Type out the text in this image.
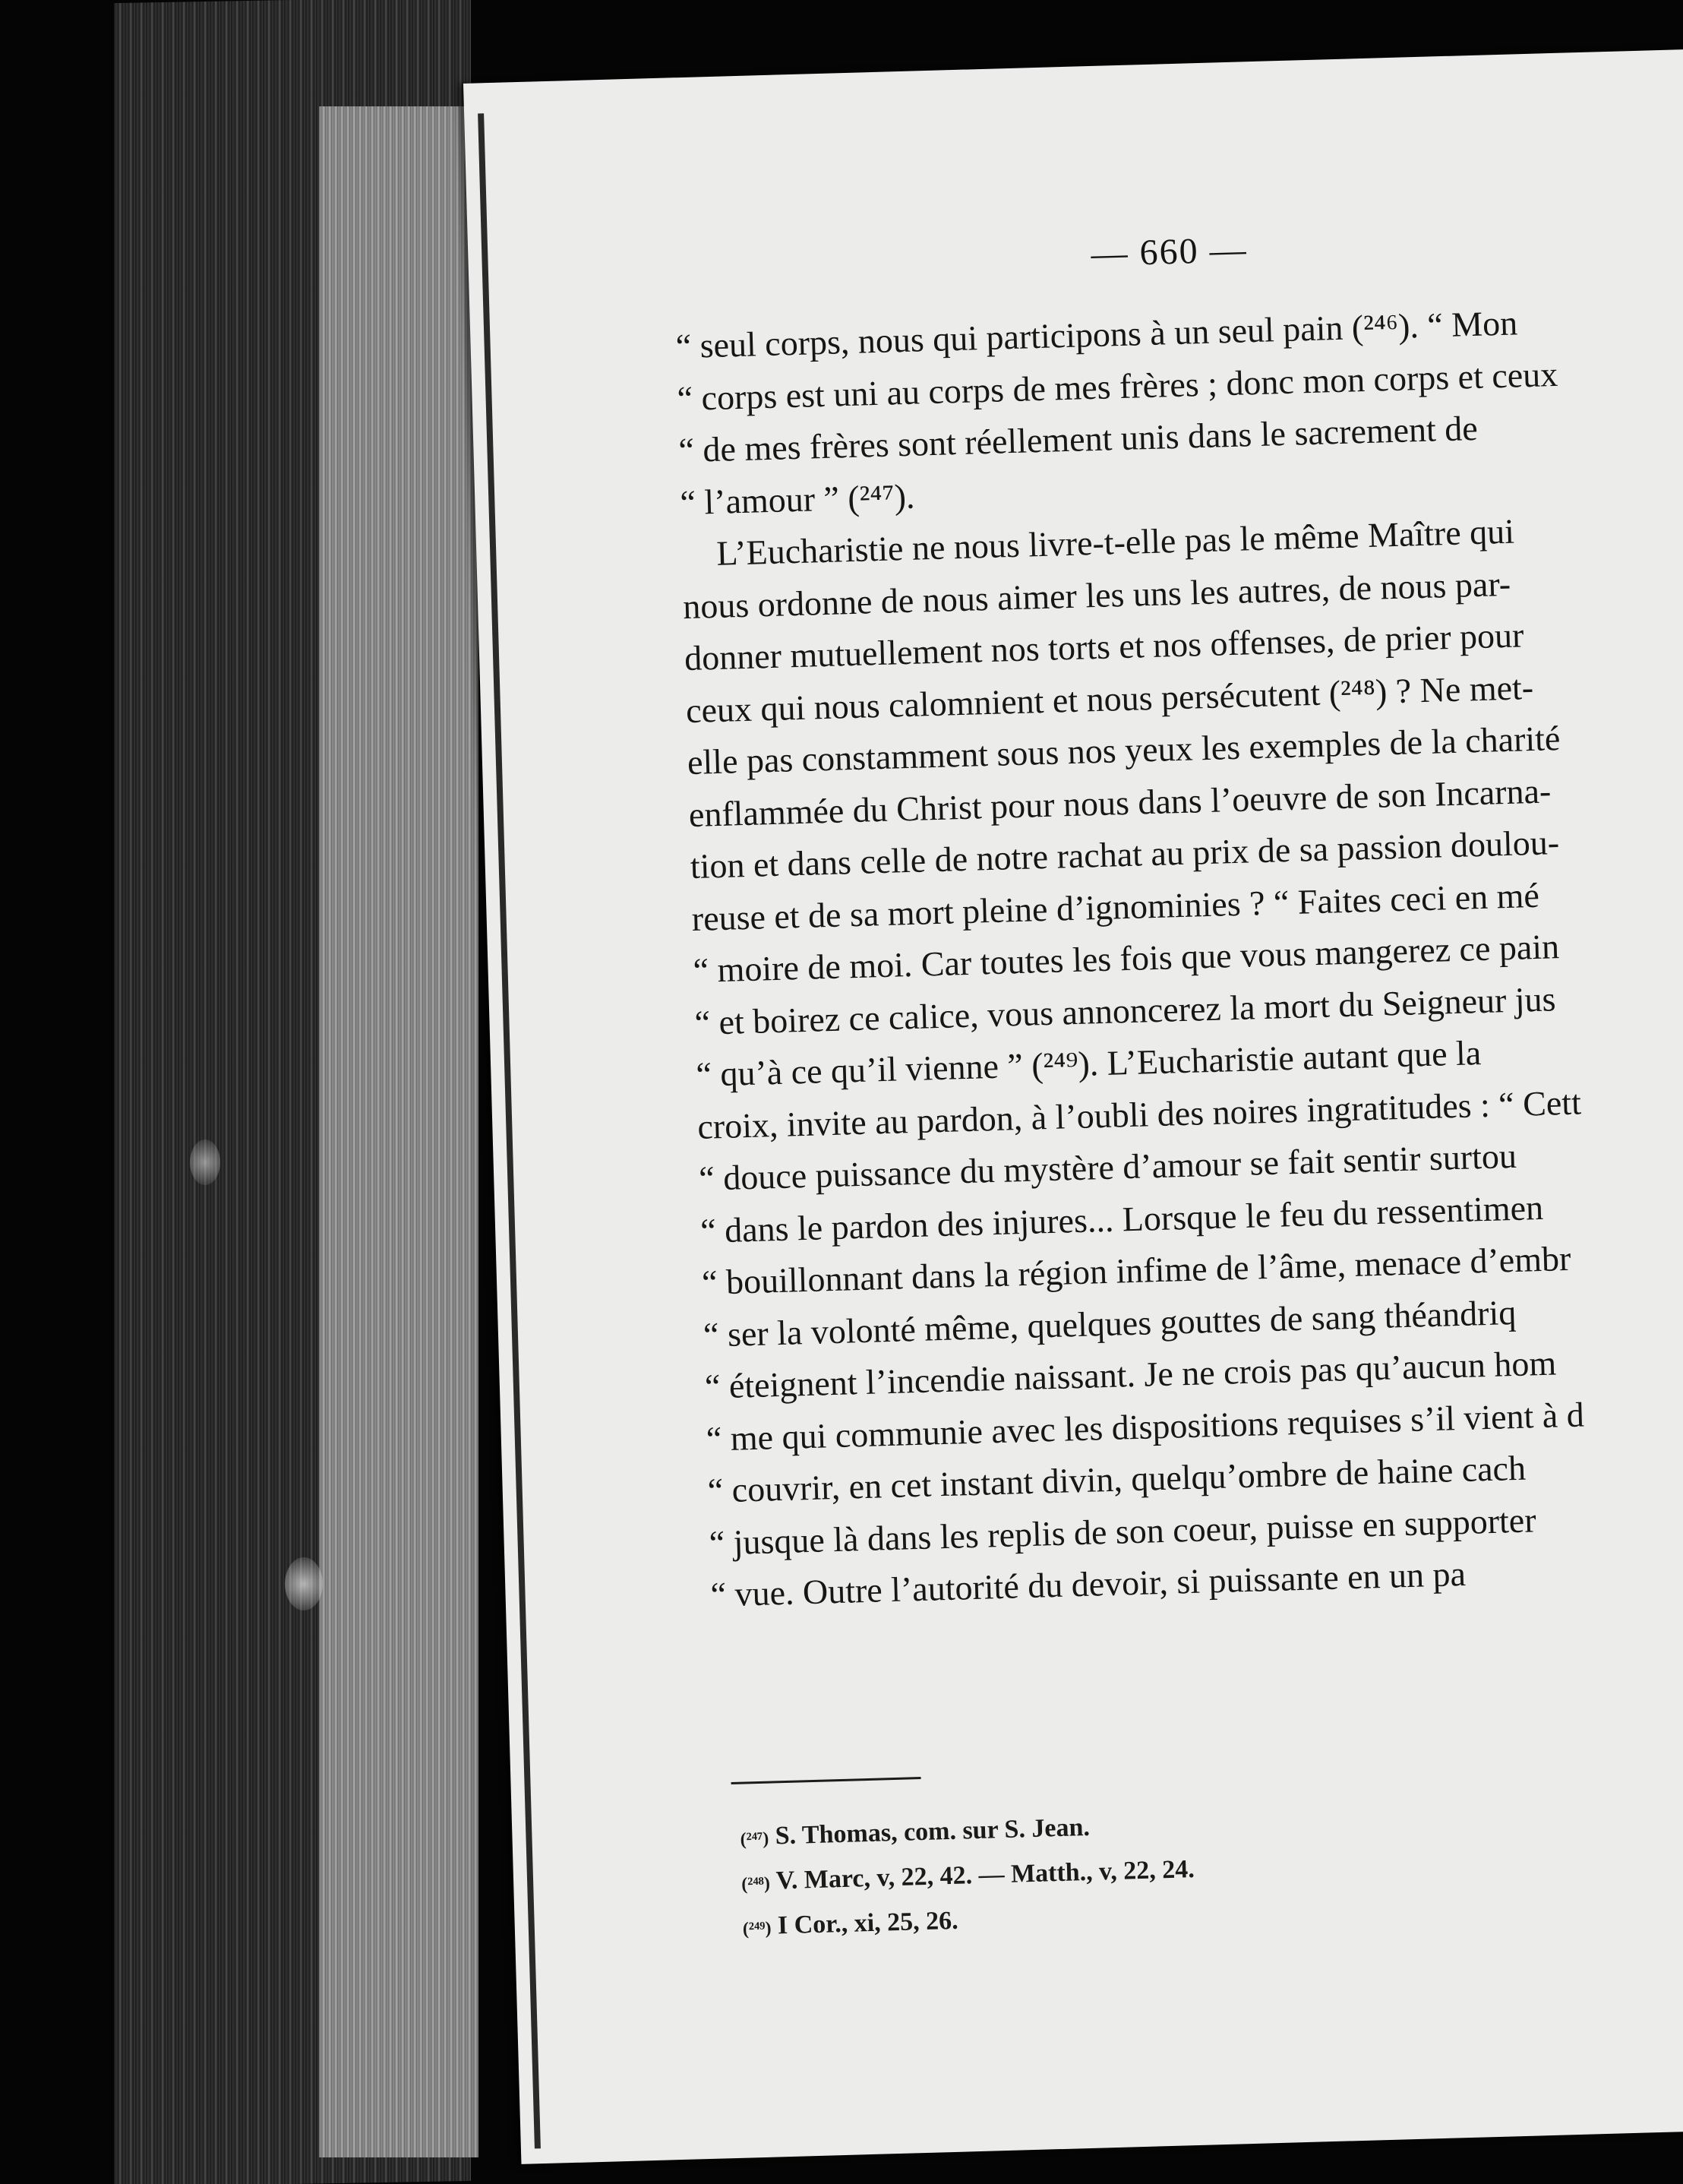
— 660 —
“ seul corps, nous qui participons à un seul pain (²⁴⁶). “ Mon
“ corps est uni au corps de mes frères ; donc mon corps et ceux
“ de mes frères sont réellement unis dans le sacrement de
“ l’amour ” (²⁴⁷).
L’Eucharistie ne nous livre-t-elle pas le même Maître qui
nous ordonne de nous aimer les uns les autres, de nous par-
donner mutuellement nos torts et nos offenses, de prier pour
ceux qui nous calomnient et nous persécutent (²⁴⁸) ? Ne met-
elle pas constamment sous nos yeux les exemples de la charité
enflammée du Christ pour nous dans l’oeuvre de son Incarna-
tion et dans celle de notre rachat au prix de sa passion doulou-
reuse et de sa mort pleine d’ignominies ? “ Faites ceci en mé
“ moire de moi. Car toutes les fois que vous mangerez ce pain
“ et boirez ce calice, vous annoncerez la mort du Seigneur jus
“ qu’à ce qu’il vienne ” (²⁴⁹). L’Eucharistie autant que la
croix, invite au pardon, à l’oubli des noires ingratitudes : “ Cett
“ douce puissance du mystère d’amour se fait sentir surtou
“ dans le pardon des injures... Lorsque le feu du ressentimen
“ bouillonnant dans la région infime de l’âme, menace d’embr
“ ser la volonté même, quelques gouttes de sang théandriq
“ éteignent l’incendie naissant. Je ne crois pas qu’aucun hom
“ me qui communie avec les dispositions requises s’il vient à d
“ couvrir, en cet instant divin, quelqu’ombre de haine cach
“ jusque là dans les replis de son coeur, puisse en supporter
“ vue. Outre l’autorité du devoir, si puissante en un pa
(²⁴⁷) S. Thomas, com. sur S. Jean.
(²⁴⁸) V. Marc, v, 22, 42. — Matth., v, 22, 24.
(²⁴⁹) I Cor., xi, 25, 26.
